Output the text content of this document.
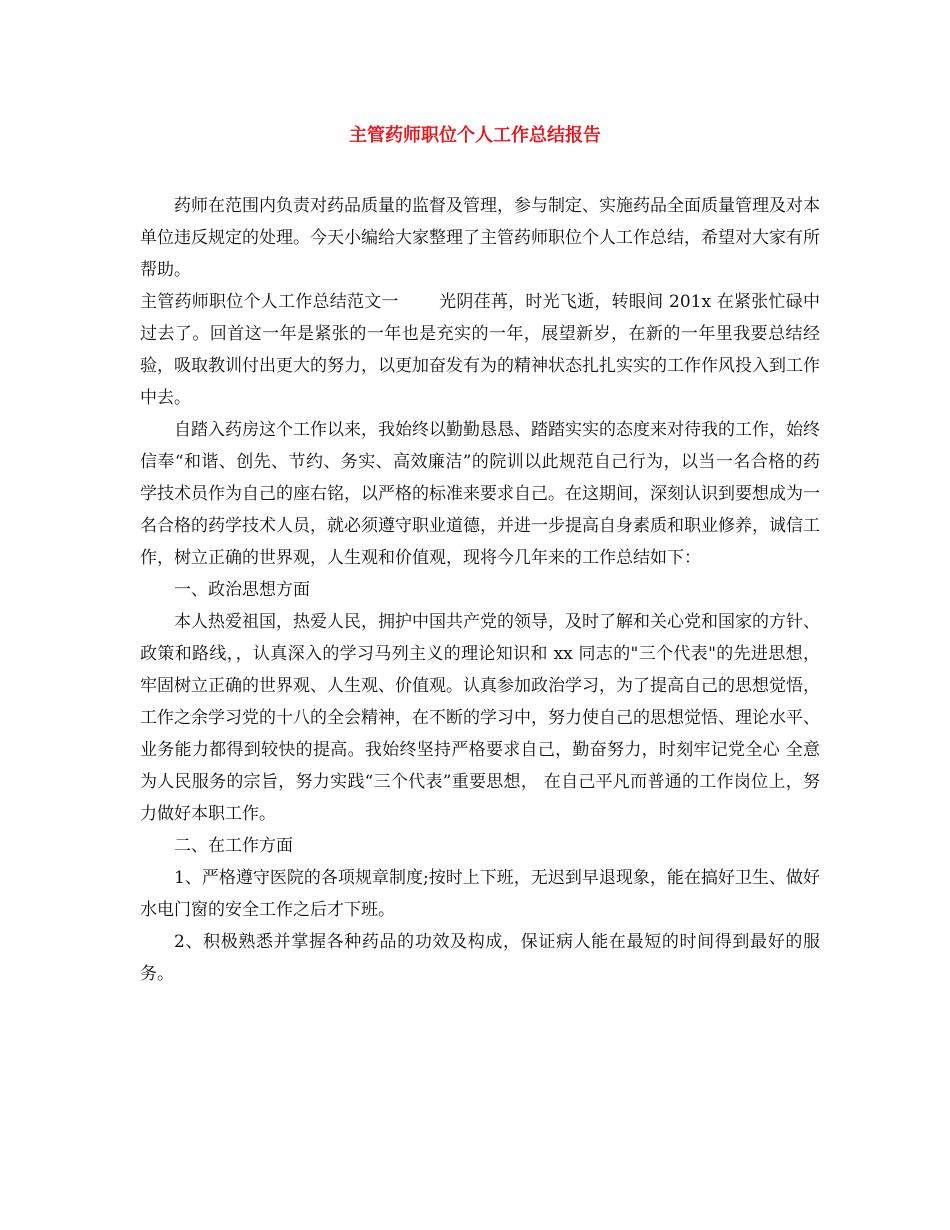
主管药师职位个人工作总结报告

药师在范围内负责对药品质量的监督及管理，参与制定、实施药品全面质量管理及对本单位违反规定的处理。今天小编给大家整理了主管药师职位个人工作总结，希望对大家有所帮助。

主管药师职位个人工作总结范文一 光阴荏苒，时光飞逝，转眼间 201x 在紧张忙碌中过去了。回首这一年是紧张的一年也是充实的一年，展望新岁，在新的一年里我要总结经验，吸取教训付出更大的努力，以更加奋发有为的精神状态扎扎实实的工作作风投入到工作中去。

自踏入药房这个工作以来，我始终以勤勤恳恳、踏踏实实的态度来对待我的工作，始终信奉“和谐、创先、节约、务实、高效廉洁”的院训以此规范自己行为，以当一名合格的药学技术员作为自己的座右铭，以严格的标准来要求自己。在这期间，深刻认识到要想成为一名合格的药学技术人员，就必须遵守职业道德，并进一步提高自身素质和职业修养，诚信工作，树立正确的世界观，人生观和价值观，现将今几年来的工作总结如下：

一、政治思想方面

本人热爱祖国，热爱人民，拥护中国共产党的领导，及时了解和关心党和国家的方针、政策和路线，，认真深入的学习马列主义的理论知识和 xx 同志的"三个代表"的先进思想，牢固树立正确的世界观、人生观、价值观。认真参加政治学习，为了提高自己的思想觉悟，工作之余学习党的十八的全会精神，在不断的学习中，努力使自己的思想觉悟、理论水平、业务能力都得到较快的提高。我始终坚持严格要求自己，勤奋努力，时刻牢记党全心 全意为人民服务的宗旨，努力实践“三个代表”重要思想， 在自己平凡而普通的工作岗位上，努力做好本职工作。

二、在工作方面

1、严格遵守医院的各项规章制度;按时上下班，无迟到早退现象，能在搞好卫生、做好水电门窗的安全工作之后才下班。

2、积极熟悉并掌握各种药品的功效及构成，保证病人能在最短的时间得到最好的服务。
